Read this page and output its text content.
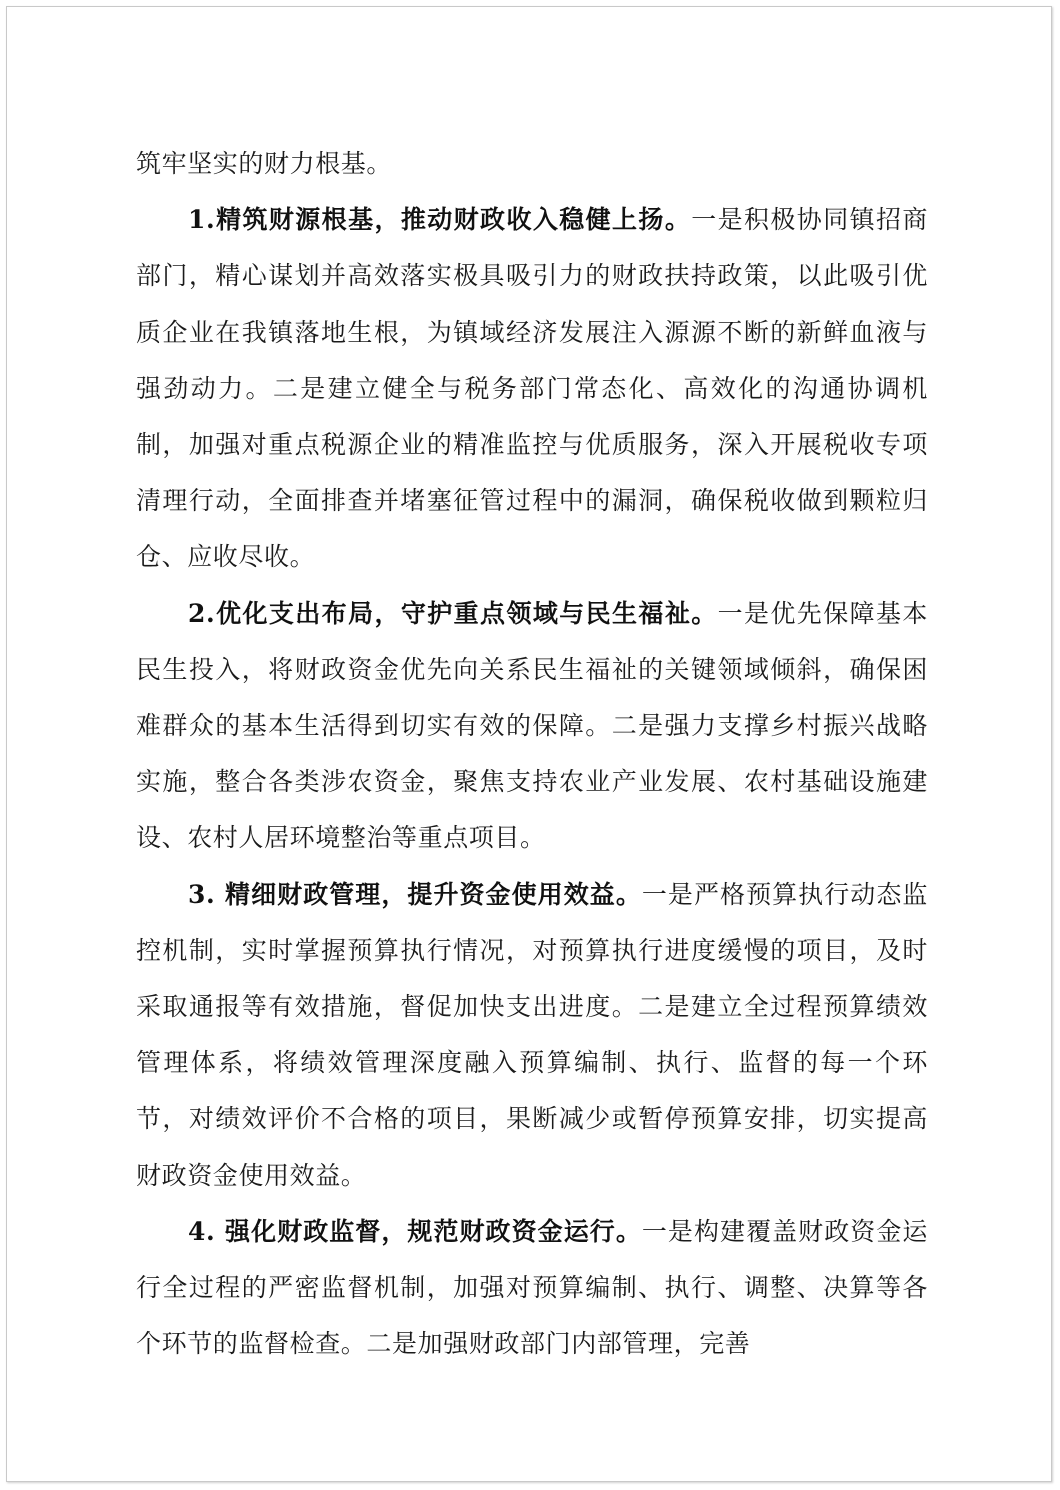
筑牢坚实的财力根基。

1.精筑财源根基，推动财政收入稳健上扬。一是积极协同镇招商部门，精心谋划并高效落实极具吸引力的财政扶持政策，以此吸引优质企业在我镇落地生根，为镇域经济发展注入源源不断的新鲜血液与强劲动力。二是建立健全与税务部门常态化、高效化的沟通协调机制，加强对重点税源企业的精准监控与优质服务，深入开展税收专项清理行动，全面排查并堵塞征管过程中的漏洞，确保税收做到颗粒归仓、应收尽收。

2.优化支出布局，守护重点领域与民生福祉。一是优先保障基本民生投入，将财政资金优先向关系民生福祉的关键领域倾斜，确保困难群众的基本生活得到切实有效的保障。二是强力支撑乡村振兴战略实施，整合各类涉农资金，聚焦支持农业产业发展、农村基础设施建设、农村人居环境整治等重点项目。

3. 精细财政管理，提升资金使用效益。一是严格预算执行动态监控机制，实时掌握预算执行情况，对预算执行进度缓慢的项目，及时采取通报等有效措施，督促加快支出进度。二是建立全过程预算绩效管理体系，将绩效管理深度融入预算编制、执行、监督的每一个环节，对绩效评价不合格的项目，果断减少或暂停预算安排，切实提高财政资金使用效益。

4. 强化财政监督，规范财政资金运行。一是构建覆盖财政资金运行全过程的严密监督机制，加强对预算编制、执行、调整、决算等各个环节的监督检查。二是加强财政部门内部管理，完善
